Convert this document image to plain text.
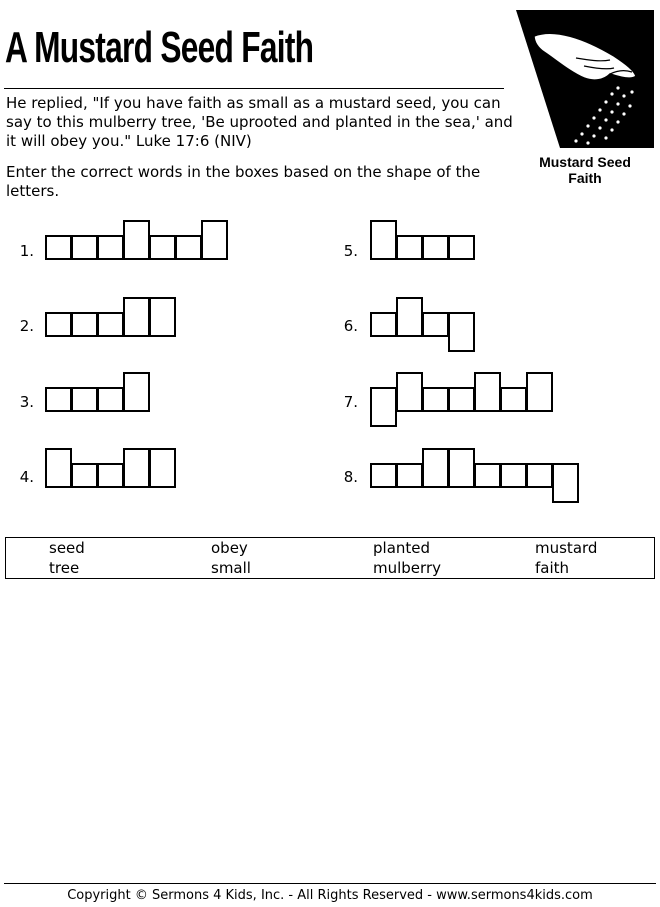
A Mustard Seed Faith

He replied, "If you have faith as small as a mustard seed, you can say to this mulberry tree, 'Be uprooted and planted in the sea,' and it will obey you." Luke 17:6 (NIV)

Enter the correct words in the boxes based on the shape of the letters.

Mustard Seed
Faith
1.
2.
3.
4.
5.
6.
7.
8.
seed	obey	planted	mustard
tree	small	mulberry	faith
Copyright © Sermons 4 Kids, Inc. - All Rights Reserved - www.sermons4kids.com
